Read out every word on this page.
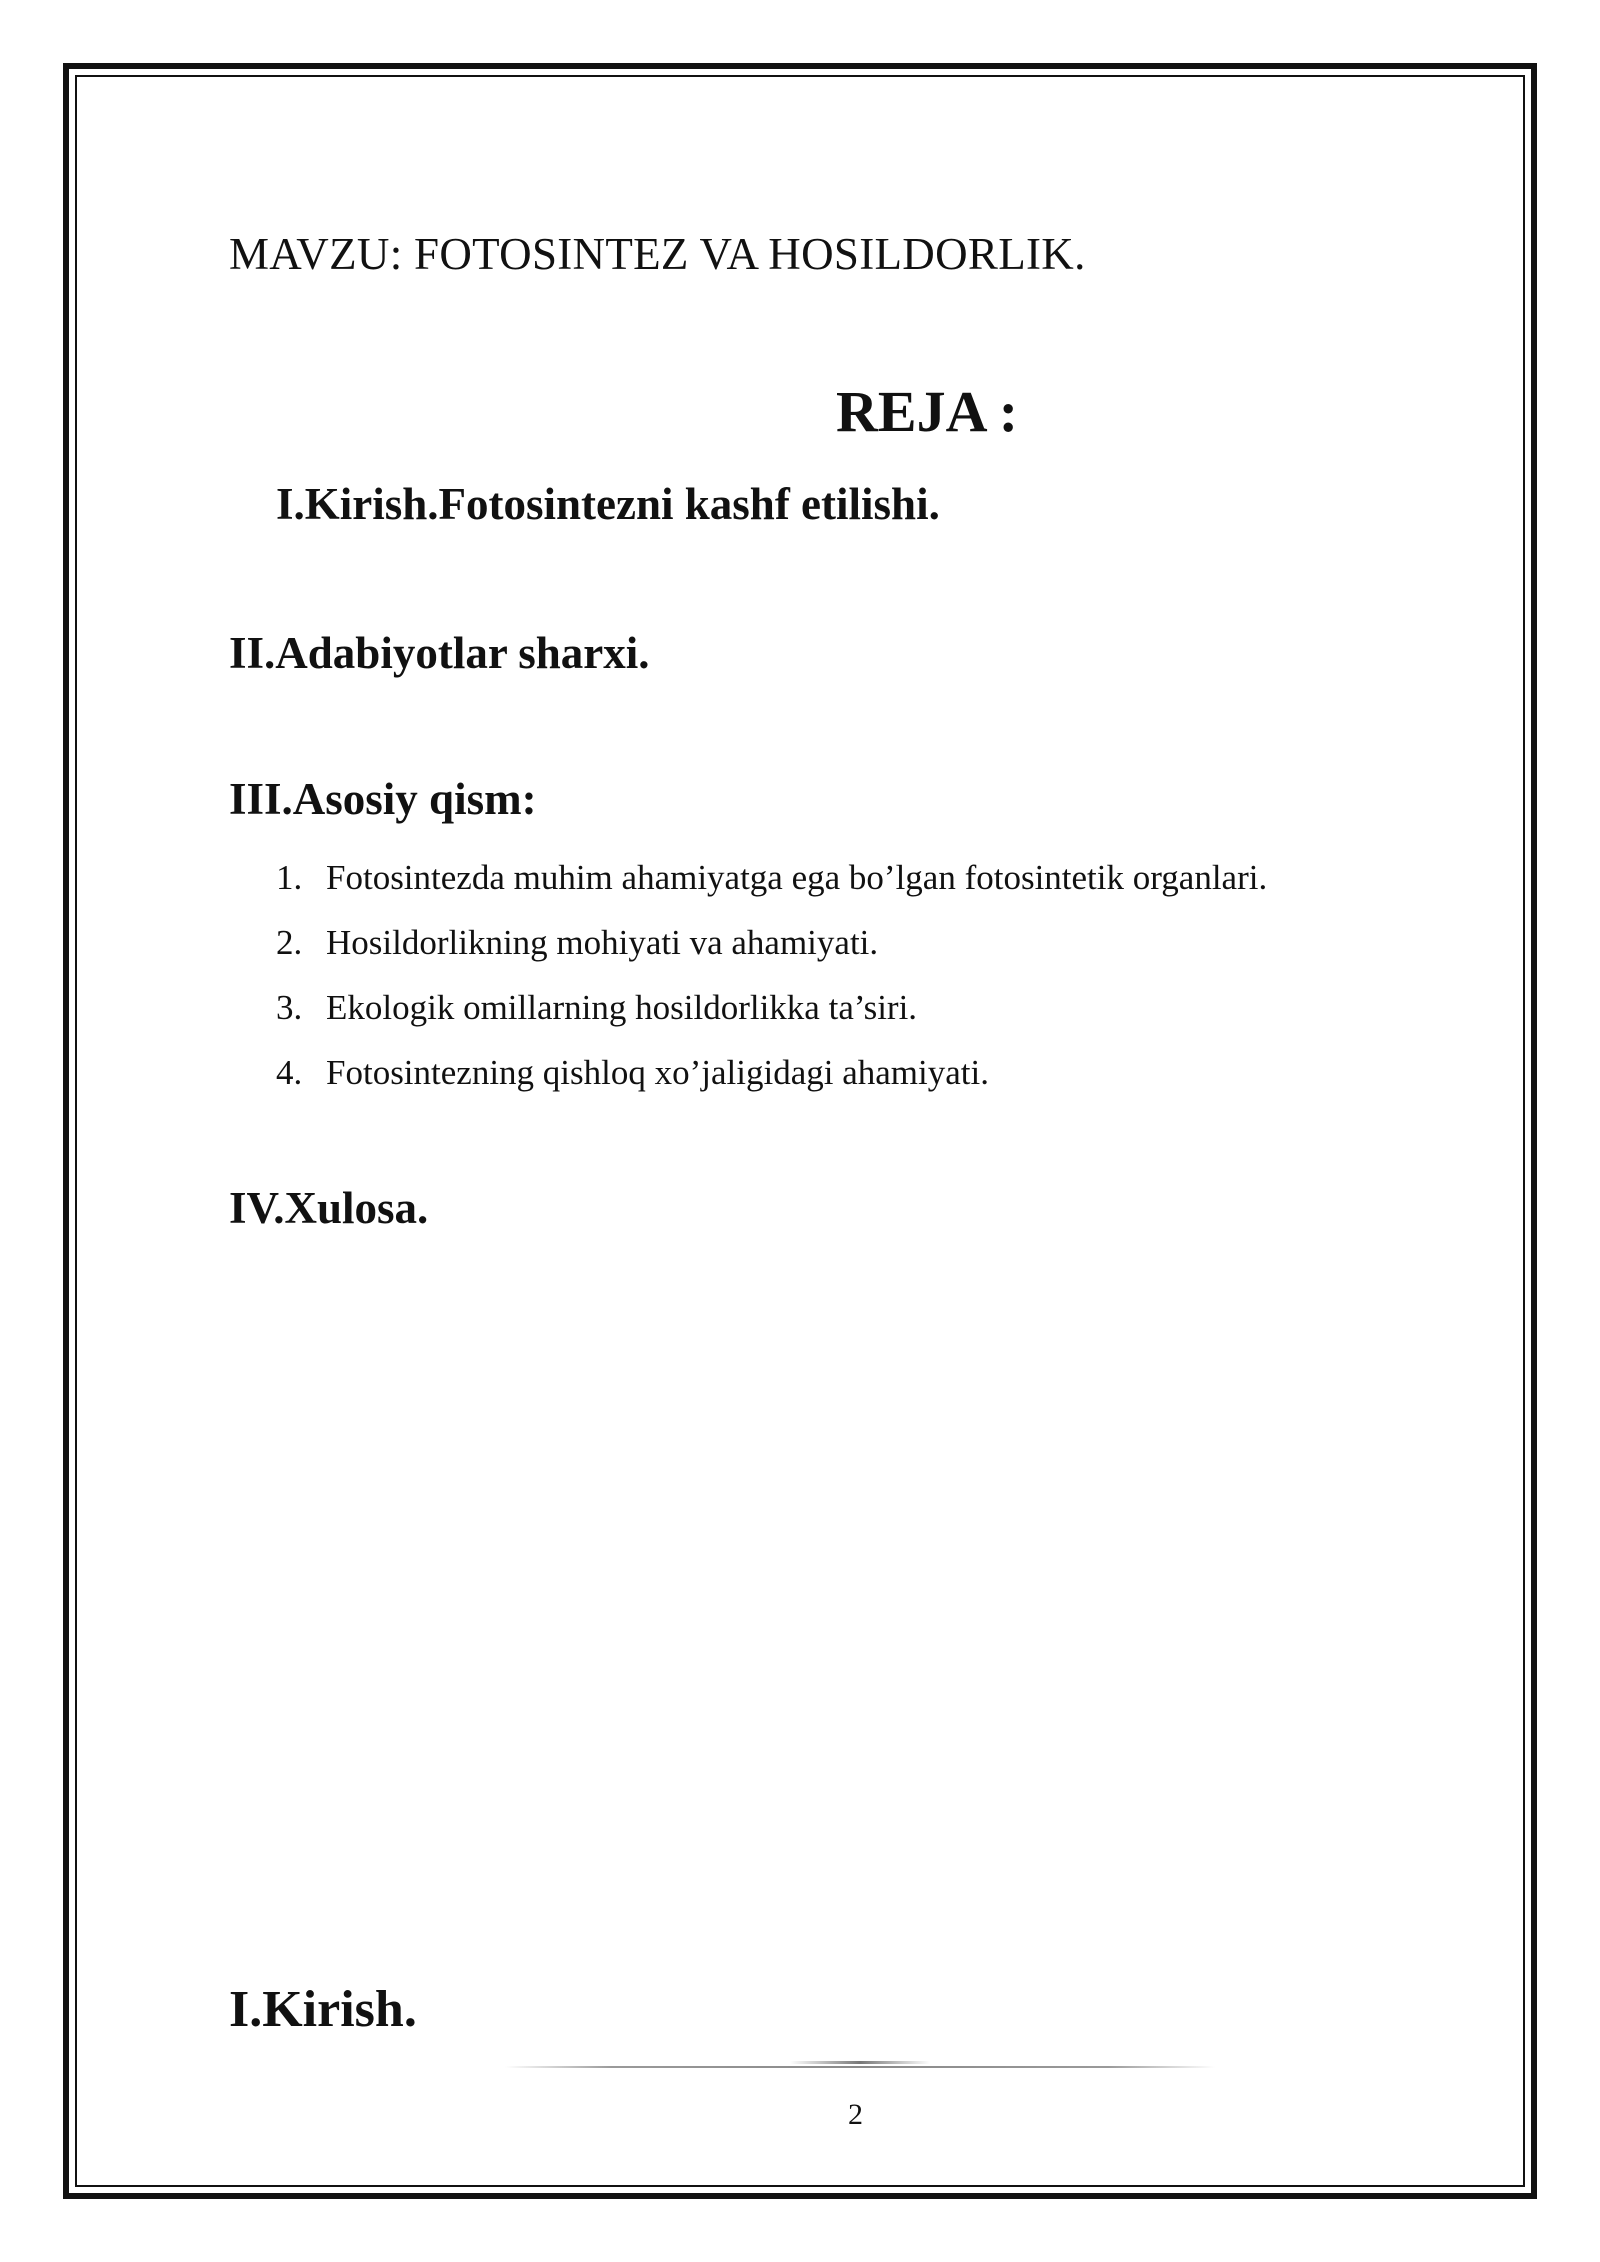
MAVZU: FOTOSINTEZ VA HOSILDORLIK.

REJA :

I.Kirish.Fotosintezni kashf etilishi.

II.Adabiyotlar sharxi.

III.Asosiy qism:

1. Fotosintezda muhim ahamiyatga ega bo’lgan fotosintetik organlari.
2. Hosildorlikning mohiyati va ahamiyati.
3. Ekologik omillarning hosildorlikka ta’siri.
4. Fotosintezning qishloq xo’jaligidagi ahamiyati.

IV.Xulosa.

I.Kirish.

2
